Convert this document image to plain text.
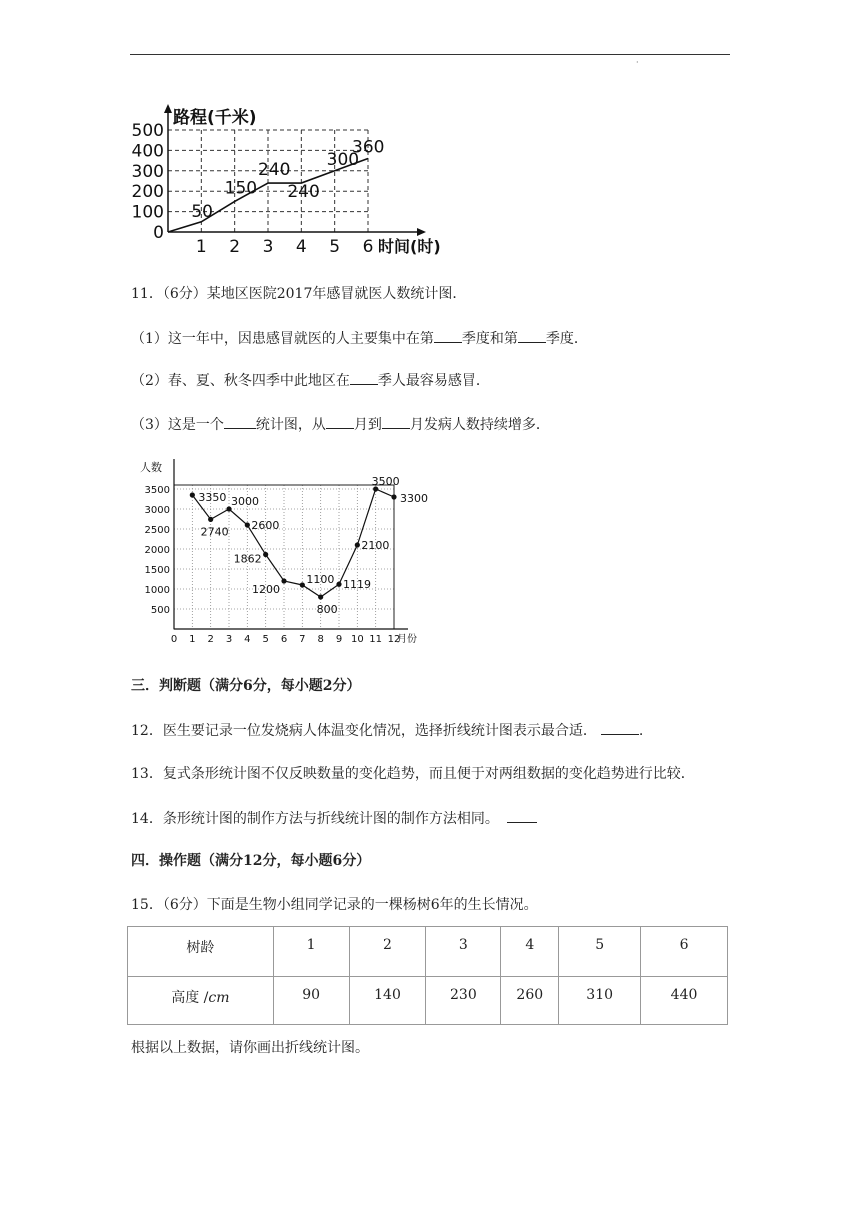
·
0
100
200
300
400
500
1 2 3 4 5 6
路程(千米)
时间(时)
50
150
240
240
300
360
11．（6分）某地区医院2017年感冒就医人数统计图．
（1）这一年中，因患感冒就医的人主要集中在第 季度和第 季度．
（2）春、夏、秋冬四季中此地区在 季人最容易感冒．
（3）这是一个 统计图，从 月到 月发病人数持续增多．
500
1000
1500
2000
2500
3000
3500
0 1 2 3 4 5 6 7 8 9 10 11 12
人数
月份
3350
2740
3000
2600
1862
1200
1100
800
1119
2100
3500
3300
三．判断题（满分6分，每小题2分）
12．医生要记录一位发烧病人体温变化情况，选择折线统计图表示最合适．	.
13．复式条形统计图不仅反映数量的变化趋势，而且便于对两组数据的变化趋势进行比较．
14．条形统计图的制作方法与折线统计图的制作方法相同。
四．操作题（满分12分，每小题6分）
15．（6分）下面是生物小组同学记录的一棵杨树6年的生长情况。
树龄	1	2	3	4	5	6
高度 /cm	90	140	230	260	310	440
根据以上数据，请你画出折线统计图。
